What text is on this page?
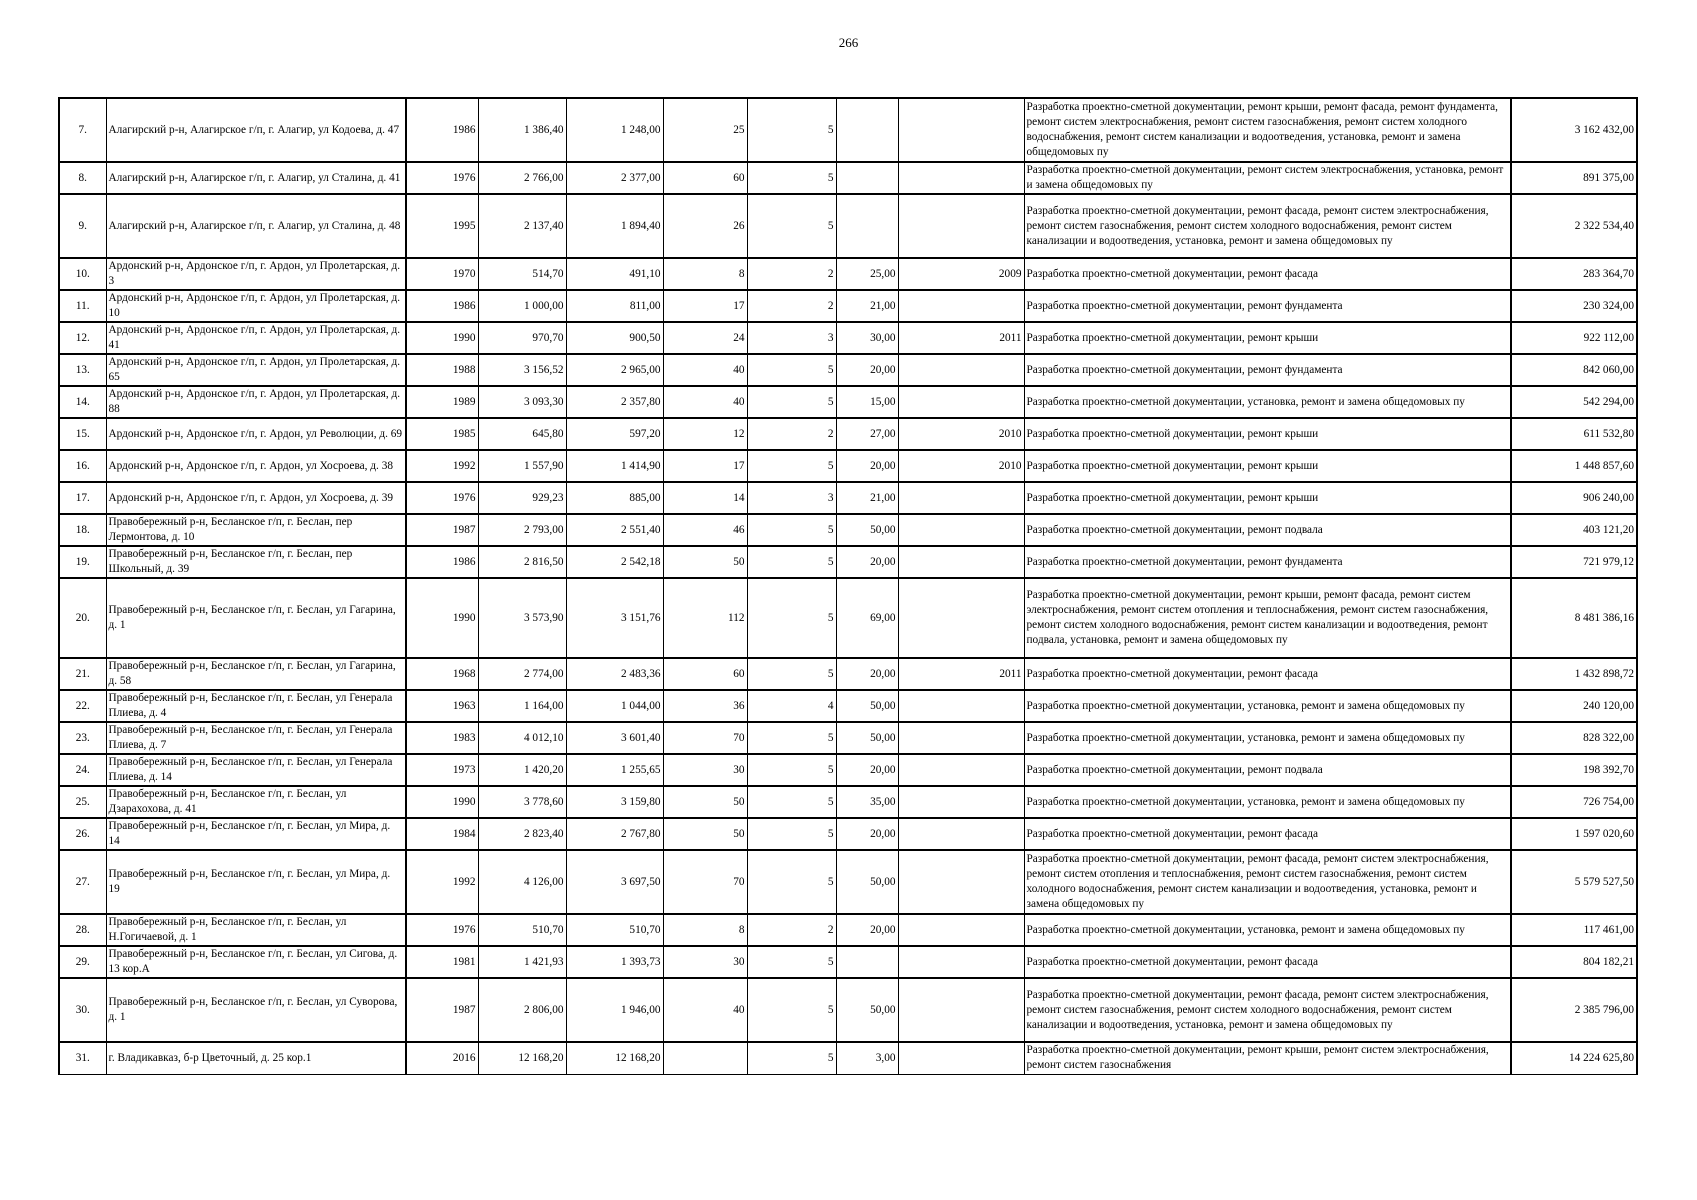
266
7.	Алагирский р-н, Алагирское г/п, г. Алагир, ул Кодоева, д. 47	1986	1 386,40	1 248,00	25	5			Разработка проектно-сметной документации, ремонт крыши, ремонт фасада, ремонт фундамента, ремонт систем электроснабжения, ремонт систем газоснабжения, ремонт систем холодного водоснабжения, ремонт систем канализации и водоотведения, установка, ремонт и замена общедомовых пу	3 162 432,00
8.	Алагирский р-н, Алагирское г/п, г. Алагир, ул Сталина, д. 41	1976	2 766,00	2 377,00	60	5			Разработка проектно-сметной документации, ремонт систем электроснабжения, установка, ремонт и замена общедомовых пу	891 375,00
9.	Алагирский р-н, Алагирское г/п, г. Алагир, ул Сталина, д. 48	1995	2 137,40	1 894,40	26	5			Разработка проектно-сметной документации, ремонт фасада, ремонт систем электроснабжения, ремонт систем газоснабжения, ремонт систем холодного водоснабжения, ремонт систем канализации и водоотведения, установка, ремонт и замена общедомовых пу	2 322 534,40
10.	Ардонский р-н, Ардонское г/п, г. Ардон, ул Пролетарская, д. 3	1970	514,70	491,10	8	2	25,00	2009	Разработка проектно-сметной документации, ремонт фасада	283 364,70
11.	Ардонский р-н, Ардонское г/п, г. Ардон, ул Пролетарская, д. 10	1986	1 000,00	811,00	17	2	21,00		Разработка проектно-сметной документации, ремонт фундамента	230 324,00
12.	Ардонский р-н, Ардонское г/п, г. Ардон, ул Пролетарская, д. 41	1990	970,70	900,50	24	3	30,00	2011	Разработка проектно-сметной документации, ремонт крыши	922 112,00
13.	Ардонский р-н, Ардонское г/п, г. Ардон, ул Пролетарская, д. 65	1988	3 156,52	2 965,00	40	5	20,00		Разработка проектно-сметной документации, ремонт фундамента	842 060,00
14.	Ардонский р-н, Ардонское г/п, г. Ардон, ул Пролетарская, д. 88	1989	3 093,30	2 357,80	40	5	15,00		Разработка проектно-сметной документации, установка, ремонт и замена общедомовых пу	542 294,00
15.	Ардонский р-н, Ардонское г/п, г. Ардон, ул Революции, д. 69	1985	645,80	597,20	12	2	27,00	2010	Разработка проектно-сметной документации, ремонт крыши	611 532,80
16.	Ардонский р-н, Ардонское г/п, г. Ардон, ул Хосроева, д. 38	1992	1 557,90	1 414,90	17	5	20,00	2010	Разработка проектно-сметной документации, ремонт крыши	1 448 857,60
17.	Ардонский р-н, Ардонское г/п, г. Ардон, ул Хосроева, д. 39	1976	929,23	885,00	14	3	21,00		Разработка проектно-сметной документации, ремонт крыши	906 240,00
18.	Правобережный р-н, Бесланское г/п, г. Беслан, пер Лермонтова, д. 10	1987	2 793,00	2 551,40	46	5	50,00		Разработка проектно-сметной документации, ремонт подвала	403 121,20
19.	Правобережный р-н, Бесланское г/п, г. Беслан, пер Школьный, д. 39	1986	2 816,50	2 542,18	50	5	20,00		Разработка проектно-сметной документации, ремонт фундамента	721 979,12
20.	Правобережный р-н, Бесланское г/п, г. Беслан, ул Гагарина, д. 1	1990	3 573,90	3 151,76	112	5	69,00		Разработка проектно-сметной документации, ремонт крыши, ремонт фасада, ремонт систем электроснабжения, ремонт систем отопления и теплоснабжения, ремонт систем газоснабжения, ремонт систем холодного водоснабжения, ремонт систем канализации и водоотведения, ремонт подвала, установка, ремонт и замена общедомовых пу	8 481 386,16
21.	Правобережный р-н, Бесланское г/п, г. Беслан, ул Гагарина, д. 58	1968	2 774,00	2 483,36	60	5	20,00	2011	Разработка проектно-сметной документации, ремонт фасада	1 432 898,72
22.	Правобережный р-н, Бесланское г/п, г. Беслан, ул Генерала Плиева, д. 4	1963	1 164,00	1 044,00	36	4	50,00		Разработка проектно-сметной документации, установка, ремонт и замена общедомовых пу	240 120,00
23.	Правобережный р-н, Бесланское г/п, г. Беслан, ул Генерала Плиева, д. 7	1983	4 012,10	3 601,40	70	5	50,00		Разработка проектно-сметной документации, установка, ремонт и замена общедомовых пу	828 322,00
24.	Правобережный р-н, Бесланское г/п, г. Беслан, ул Генерала Плиева, д. 14	1973	1 420,20	1 255,65	30	5	20,00		Разработка проектно-сметной документации, ремонт подвала	198 392,70
25.	Правобережный р-н, Бесланское г/п, г. Беслан, ул Дзарахохова, д. 41	1990	3 778,60	3 159,80	50	5	35,00		Разработка проектно-сметной документации, установка, ремонт и замена общедомовых пу	726 754,00
26.	Правобережный р-н, Бесланское г/п, г. Беслан, ул Мира, д. 14	1984	2 823,40	2 767,80	50	5	20,00		Разработка проектно-сметной документации, ремонт фасада	1 597 020,60
27.	Правобережный р-н, Бесланское г/п, г. Беслан, ул Мира, д. 19	1992	4 126,00	3 697,50	70	5	50,00		Разработка проектно-сметной документации, ремонт фасада, ремонт систем электроснабжения, ремонт систем отопления и теплоснабжения, ремонт систем газоснабжения, ремонт систем холодного водоснабжения, ремонт систем канализации и водоотведения, установка, ремонт и замена общедомовых пу	5 579 527,50
28.	Правобережный р-н, Бесланское г/п, г. Беслан, ул Н.Гогичаевой, д. 1	1976	510,70	510,70	8	2	20,00		Разработка проектно-сметной документации, установка, ремонт и замена общедомовых пу	117 461,00
29.	Правобережный р-н, Бесланское г/п, г. Беслан, ул Сигова, д. 13 кор.А	1981	1 421,93	1 393,73	30	5			Разработка проектно-сметной документации, ремонт фасада	804 182,21
30.	Правобережный р-н, Бесланское г/п, г. Беслан, ул Суворова, д. 1	1987	2 806,00	1 946,00	40	5	50,00		Разработка проектно-сметной документации, ремонт фасада, ремонт систем электроснабжения, ремонт систем газоснабжения, ремонт систем холодного водоснабжения, ремонт систем канализации и водоотведения, установка, ремонт и замена общедомовых пу	2 385 796,00
31.	г. Владикавказ, б-р Цветочный, д. 25 кор.1	2016	12 168,20	12 168,20		5	3,00		Разработка проектно-сметной документации, ремонт крыши, ремонт систем электроснабжения, ремонт систем газоснабжения	14 224 625,80
